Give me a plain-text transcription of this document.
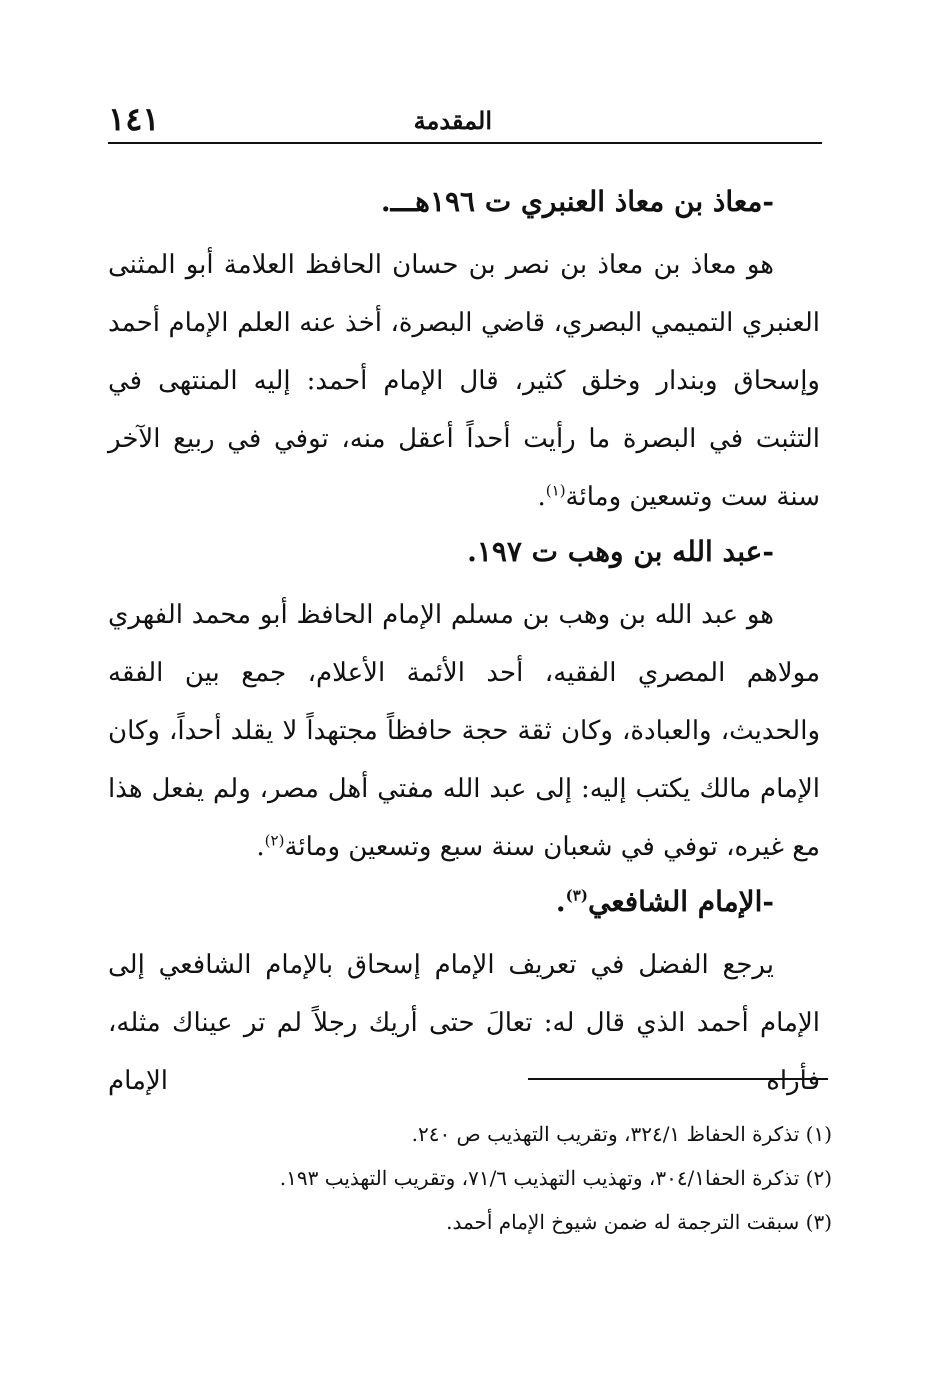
المقدمة
١٤١
-معاذ بن معاذ العنبري ت ١٩٦هـــ.

هو معاذ بن معاذ بن نصر بن حسان الحافظ العلامة أبو المثنى العنبري التميمي البصري، قاضي البصرة، أخذ عنه العلم الإمام أحمد وإسحاق وبندار وخلق كثير، قال الإمام أحمد: إليه المنتهى في التثبت في البصرة ما رأيت أحداً أعقل منه، توفي في ربيع الآخر سنة ست وتسعين ومائة$^{(١)}$.

-عبد الله بن وهب ت ١٩٧.

هو عبد الله بن وهب بن مسلم الإمام الحافظ أبو محمد الفهري مولاهم المصري الفقيه، أحد الأئمة الأعلام، جمع بين الفقه والحديث، والعبادة، وكان ثقة حجة حافظاً مجتهداً لا يقلد أحداً، وكان الإمام مالك يكتب إليه: إلى عبد الله مفتي أهل مصر، ولم يفعل هذا مع غيره، توفي في شعبان سنة سبع وتسعين ومائة$^{(٢)}$.

-الإمام الشافعي$^{(٣)}$.

يرجع الفضل في تعريف الإمام إسحاق بالإمام الشافعي إلى الإمام أحمد الذي قال له: تعالَ حتى أريك رجلاً لم تر عيناك مثله، فأراه الإمام

(١) تذكرة الحفاظ ٣٢٤/١، وتقريب التهذيب ص ٢٤٠.

(٢) تذكرة الحفا٣٠٤/١، وتهذيب التهذيب ٧١/٦، وتقريب التهذيب ١٩٣.

(٣) سبقت الترجمة له ضمن شيوخ الإمام أحمد.
